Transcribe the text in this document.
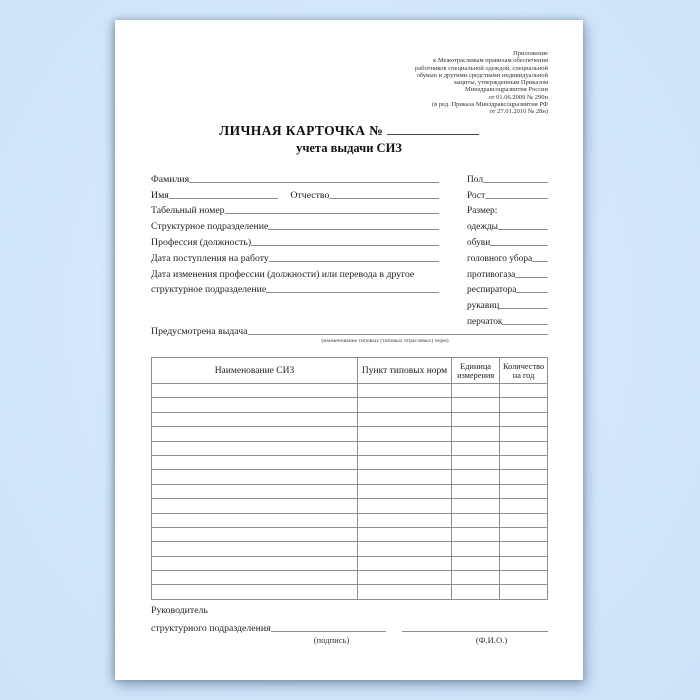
Приложение
к Межотраслевым правилам обеспечения
работников специальной одеждой, специальной
обувью и другими средствами индивидуальной
защиты, утвержденным Приказом
Минздравсоцразвития России
от 01.06.2009 № 290н
(в ред. Приказа Минздравсоцразвития РФ
от 27.01.2010 № 28н)
ЛИЧНАЯ КАРТОЧКА №
учета выдачи СИЗ
Фамилия
Имя	Отчество
Табельный номер
Структурное подразделение
Профессия (должность)
Дата поступления на работу
Дата изменения профессии (должности) или перевода в другое
структурное подразделение
Пол
Рост
Размер:
одежды
обуви
головного убора
противогаза
респиратора
рукавиц
перчаток
Предусмотрена выдача
(наименование типовых (типовых отраслевых) норм)
Наименование СИЗ	Пункт типовых норм	Единица измерения	Количество на год

Руководитель
структурного подразделения
(подпись)	(Ф.И.О.)
